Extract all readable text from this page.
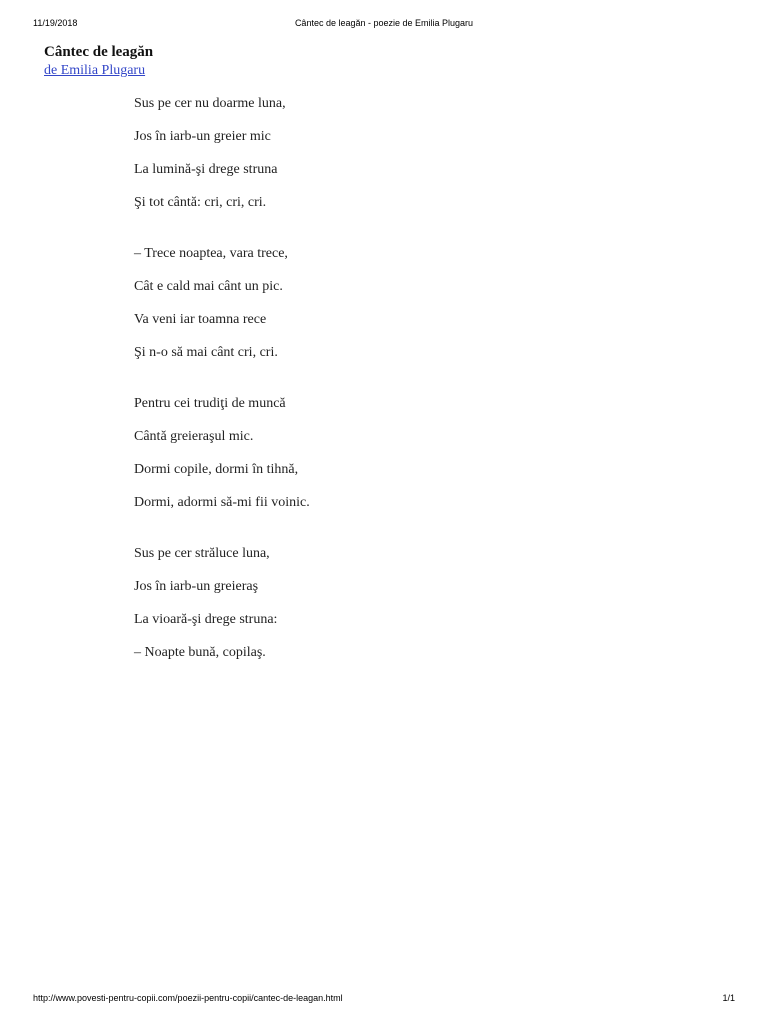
11/19/2018	Cântec de leagăn - poezie de Emilia Plugaru
Cântec de leagăn
de Emilia Plugaru

Sus pe cer nu doarme luna,

Jos în iarb-un greier mic

La lumină-şi drege struna

Şi tot cântă: cri, cri, cri.

– Trece noaptea, vara trece,

Cât e cald mai cânt un pic.

Va veni iar toamna rece

Şi n-o să mai cânt cri, cri.

Pentru cei trudiţi de muncă

Cântă greieraşul mic.

Dormi copile, dormi în tihnă,

Dormi, adormi să-mi fii voinic.

Sus pe cer străluce luna,

Jos în iarb-un greieraş

La vioară-şi drege struna:

– Noapte bună, copilaş.

http://www.povesti-pentru-copii.com/poezii-pentru-copii/cantec-de-leagan.html	1/1
